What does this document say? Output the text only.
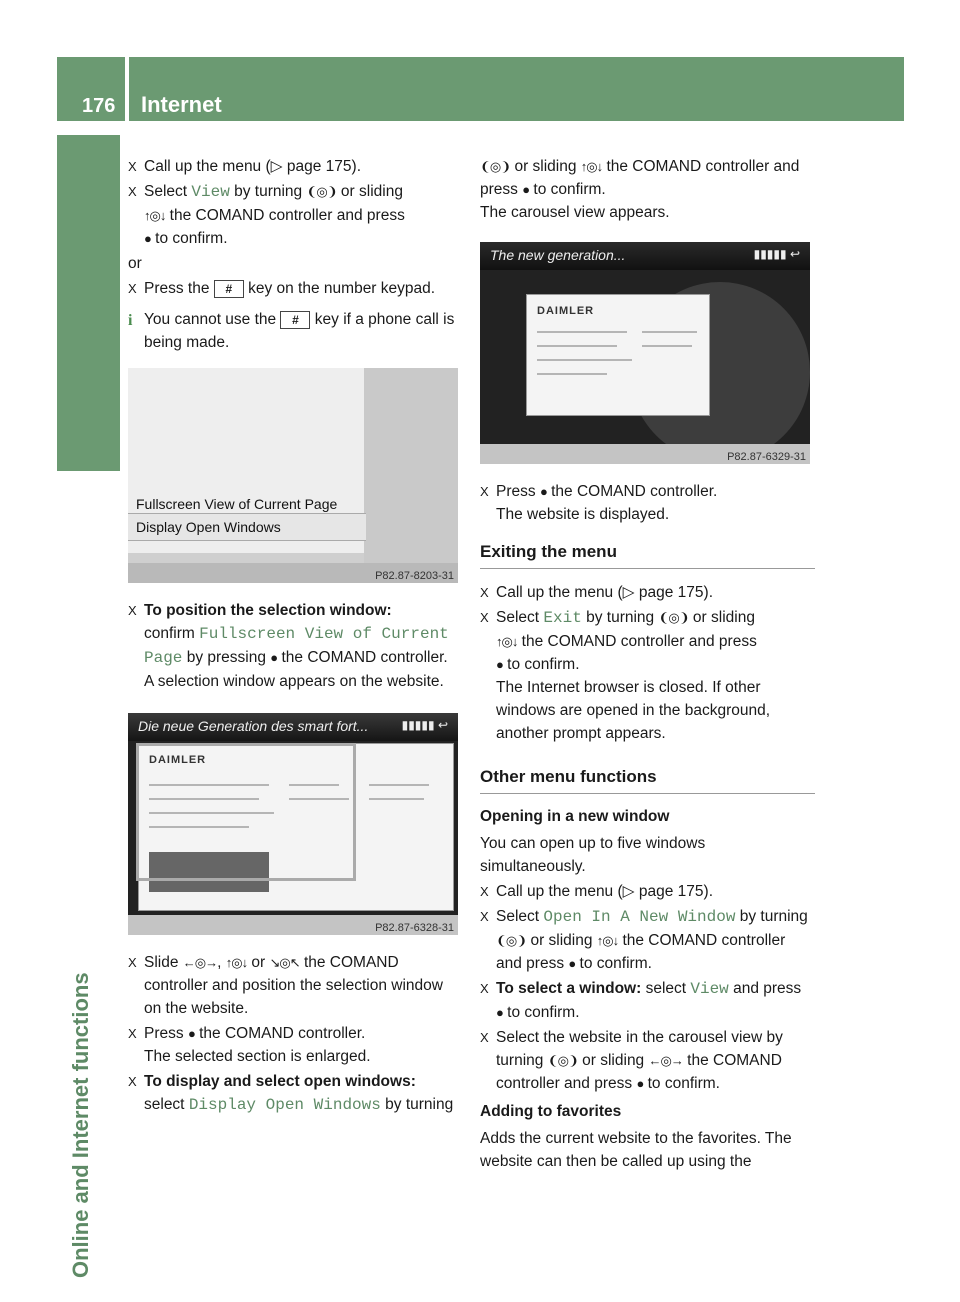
176 Internet
Online and Internet functions
X Call up the menu (▷ page 175).
X Select View by turning ❨◎❩ or sliding
↑◎↓ the COMAND controller and press
● to confirm.
or
X Press the # key on the number keypad.
i You cannot use the # key if a phone call is being made.
Fullscreen View of Current Page
Display Open Windows
P82.87-8203-31
X To position the selection window:
confirm Fullscreen View of Current Page by pressing ● the COMAND controller.
A selection window appears on the website.
Die neue Generation des smart fort...	▮▮▮▮▮ ↩
DAIMLER
P82.87-6328-31
X Slide ←◎→, ↑◎↓ or ↘◎↖ the COMAND controller and position the selection window on the website.
X Press ● the COMAND controller.
The selected section is enlarged.
X To display and select open windows:
select Display Open Windows by turning
❨◎❩ or sliding ↑◎↓ the COMAND controller and press ● to confirm.
The carousel view appears.
The new generation...	▮▮▮▮▮ ↩
DAIMLER
P82.87-6329-31
X Press ● the COMAND controller.
The website is displayed.
Exiting the menu
X Call up the menu (▷ page 175).
X Select Exit by turning ❨◎❩ or sliding
↑◎↓ the COMAND controller and press
● to confirm.
The Internet browser is closed. If other windows are opened in the background, another prompt appears.
Other menu functions
Opening in a new window
You can open up to five windows simultaneously.
X Call up the menu (▷ page 175).
X Select Open In A New Window by turning
❨◎❩ or sliding ↑◎↓ the COMAND controller and press ● to confirm.
X To select a window: select View and press
● to confirm.
X Select the website in the carousel view by turning ❨◎❩ or sliding ←◎→ the COMAND controller and press ● to confirm.
Adding to favorites
Adds the current website to the favorites. The website can then be called up using the
